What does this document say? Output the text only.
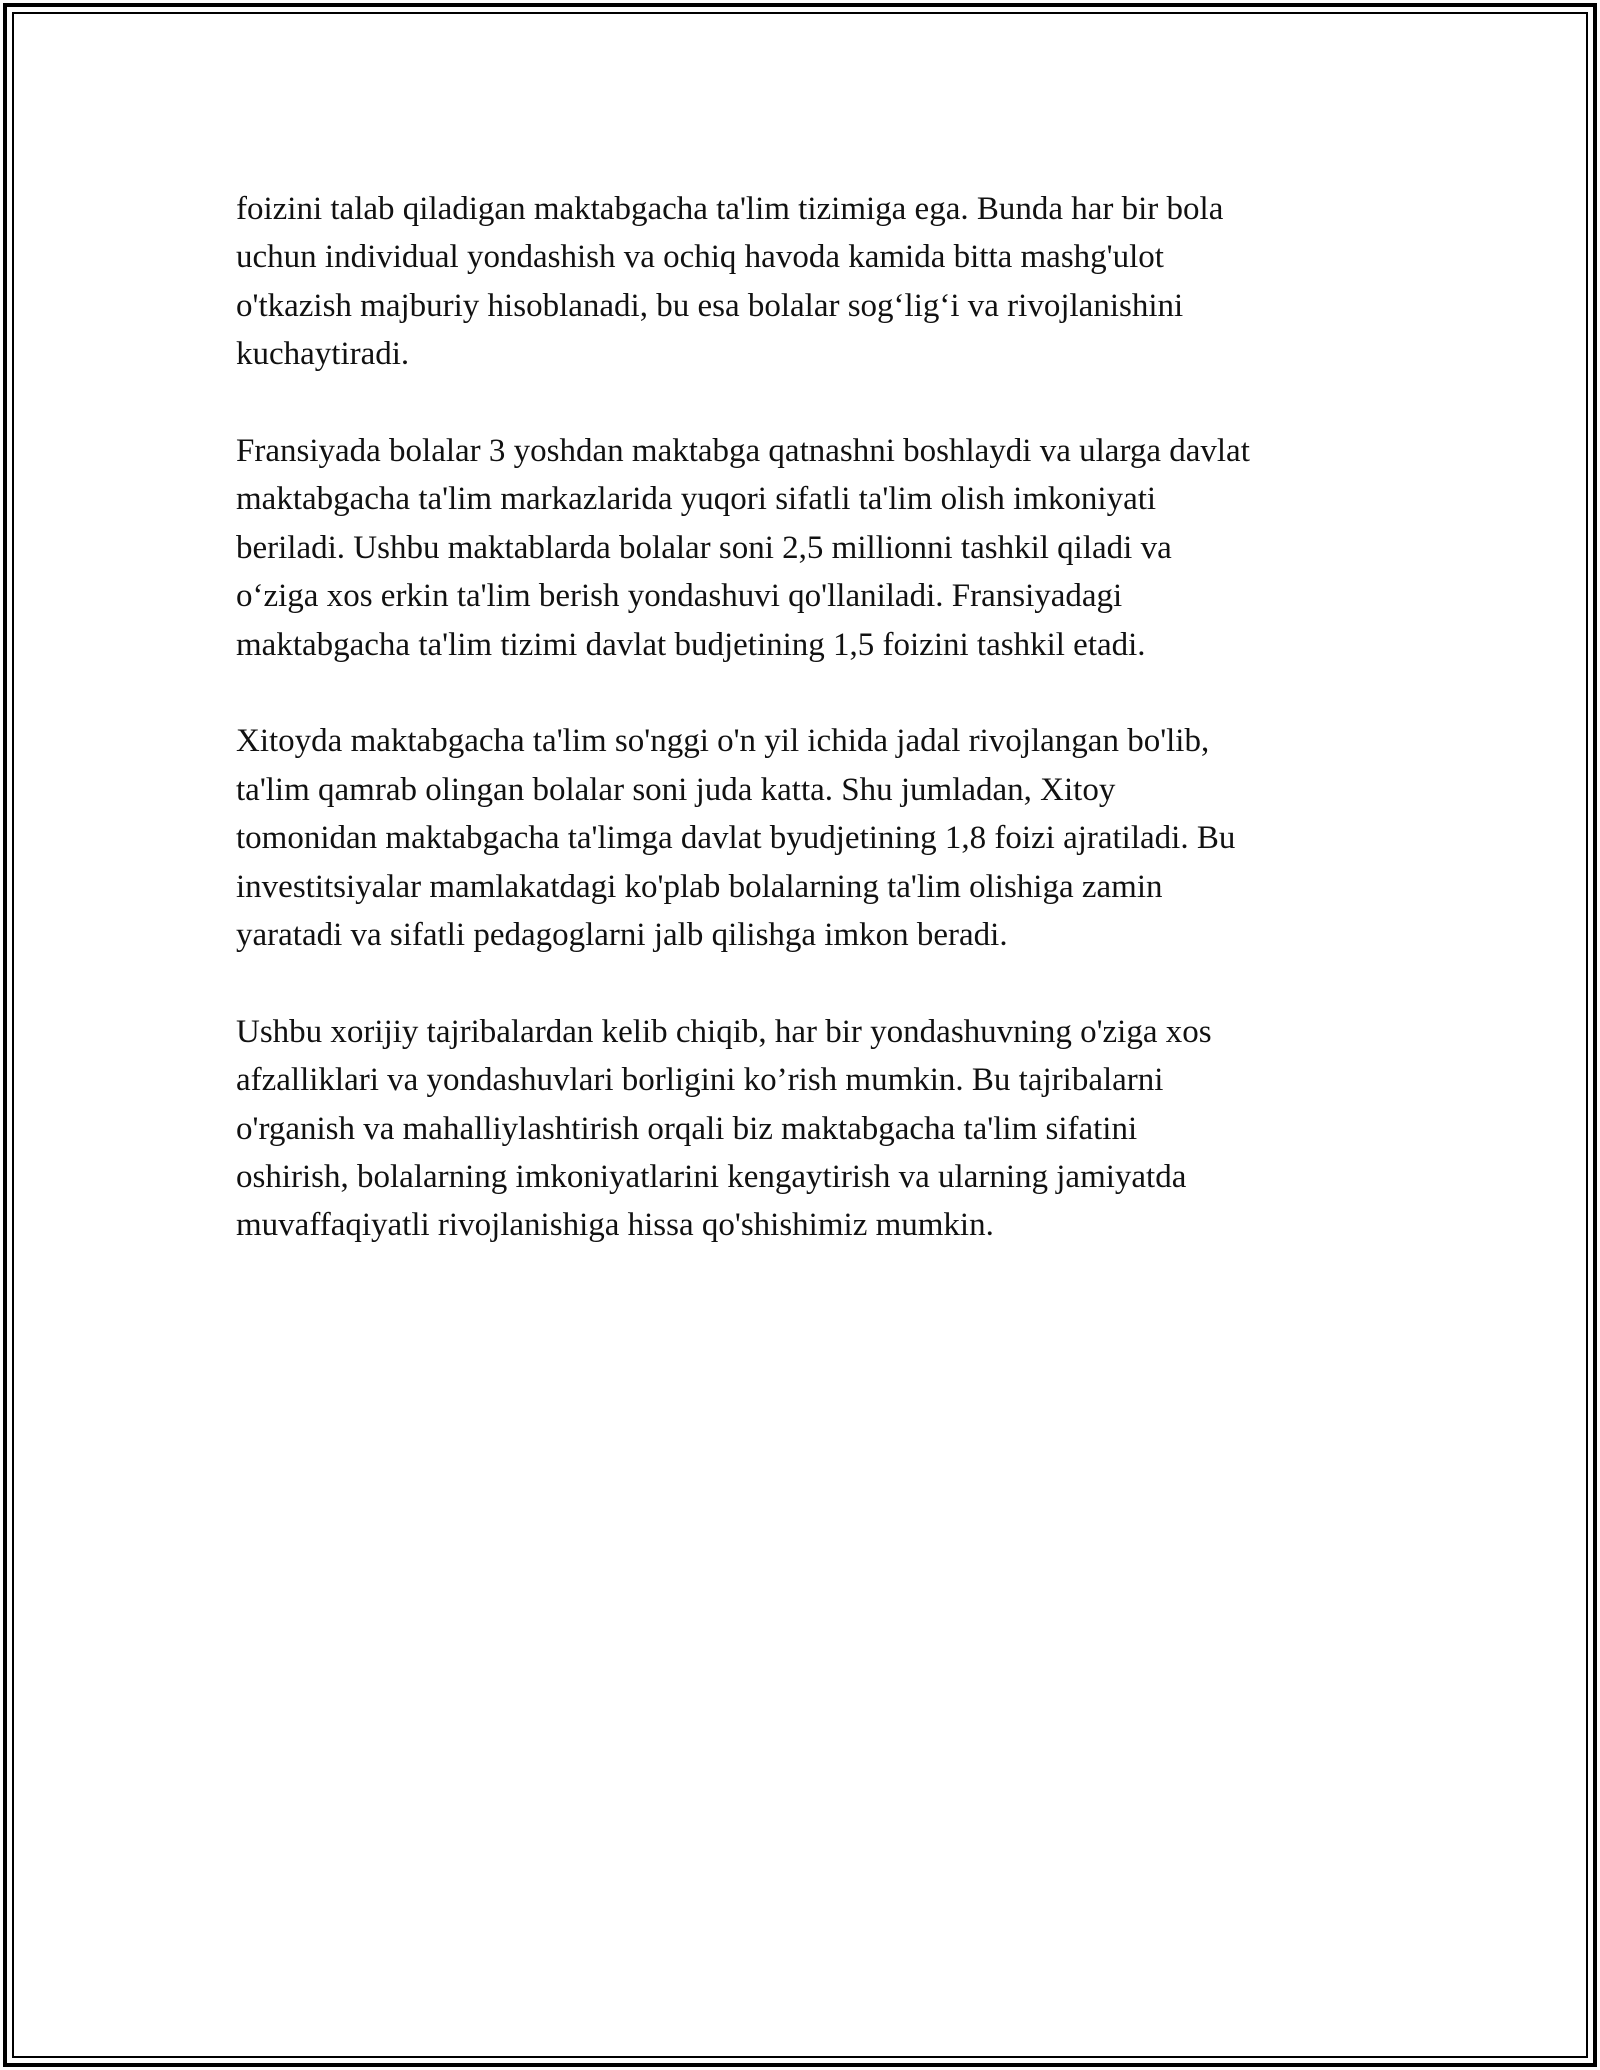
foizini talab qiladigan maktabgacha ta'lim tizimiga ega. Bunda har bir bola
uchun individual yondashish va ochiq havoda kamida bitta mashg'ulot
o'tkazish majburiy hisoblanadi, bu esa bolalar sog‘lig‘i va rivojlanishini
kuchaytiradi.

Fransiyada bolalar 3 yoshdan maktabga qatnashni boshlaydi va ularga davlat
maktabgacha ta'lim markazlarida yuqori sifatli ta'lim olish imkoniyati
beriladi. Ushbu maktablarda bolalar soni 2,5 millionni tashkil qiladi va
o‘ziga xos erkin ta'lim berish yondashuvi qo'llaniladi. Fransiyadagi
maktabgacha ta'lim tizimi davlat budjetining 1,5 foizini tashkil etadi.

Xitoyda maktabgacha ta'lim so'nggi o'n yil ichida jadal rivojlangan bo'lib,
ta'lim qamrab olingan bolalar soni juda katta. Shu jumladan, Xitoy
tomonidan maktabgacha ta'limga davlat byudjetining 1,8 foizi ajratiladi. Bu
investitsiyalar mamlakatdagi ko'plab bolalarning ta'lim olishiga zamin
yaratadi va sifatli pedagoglarni jalb qilishga imkon beradi.

Ushbu xorijiy tajribalardan kelib chiqib, har bir yondashuvning o'ziga xos
afzalliklari va yondashuvlari borligini ko’rish mumkin. Bu tajribalarni
o'rganish va mahalliylashtirish orqali biz maktabgacha ta'lim sifatini
oshirish, bolalarning imkoniyatlarini kengaytirish va ularning jamiyatda
muvaffaqiyatli rivojlanishiga hissa qo'shishimiz mumkin.
